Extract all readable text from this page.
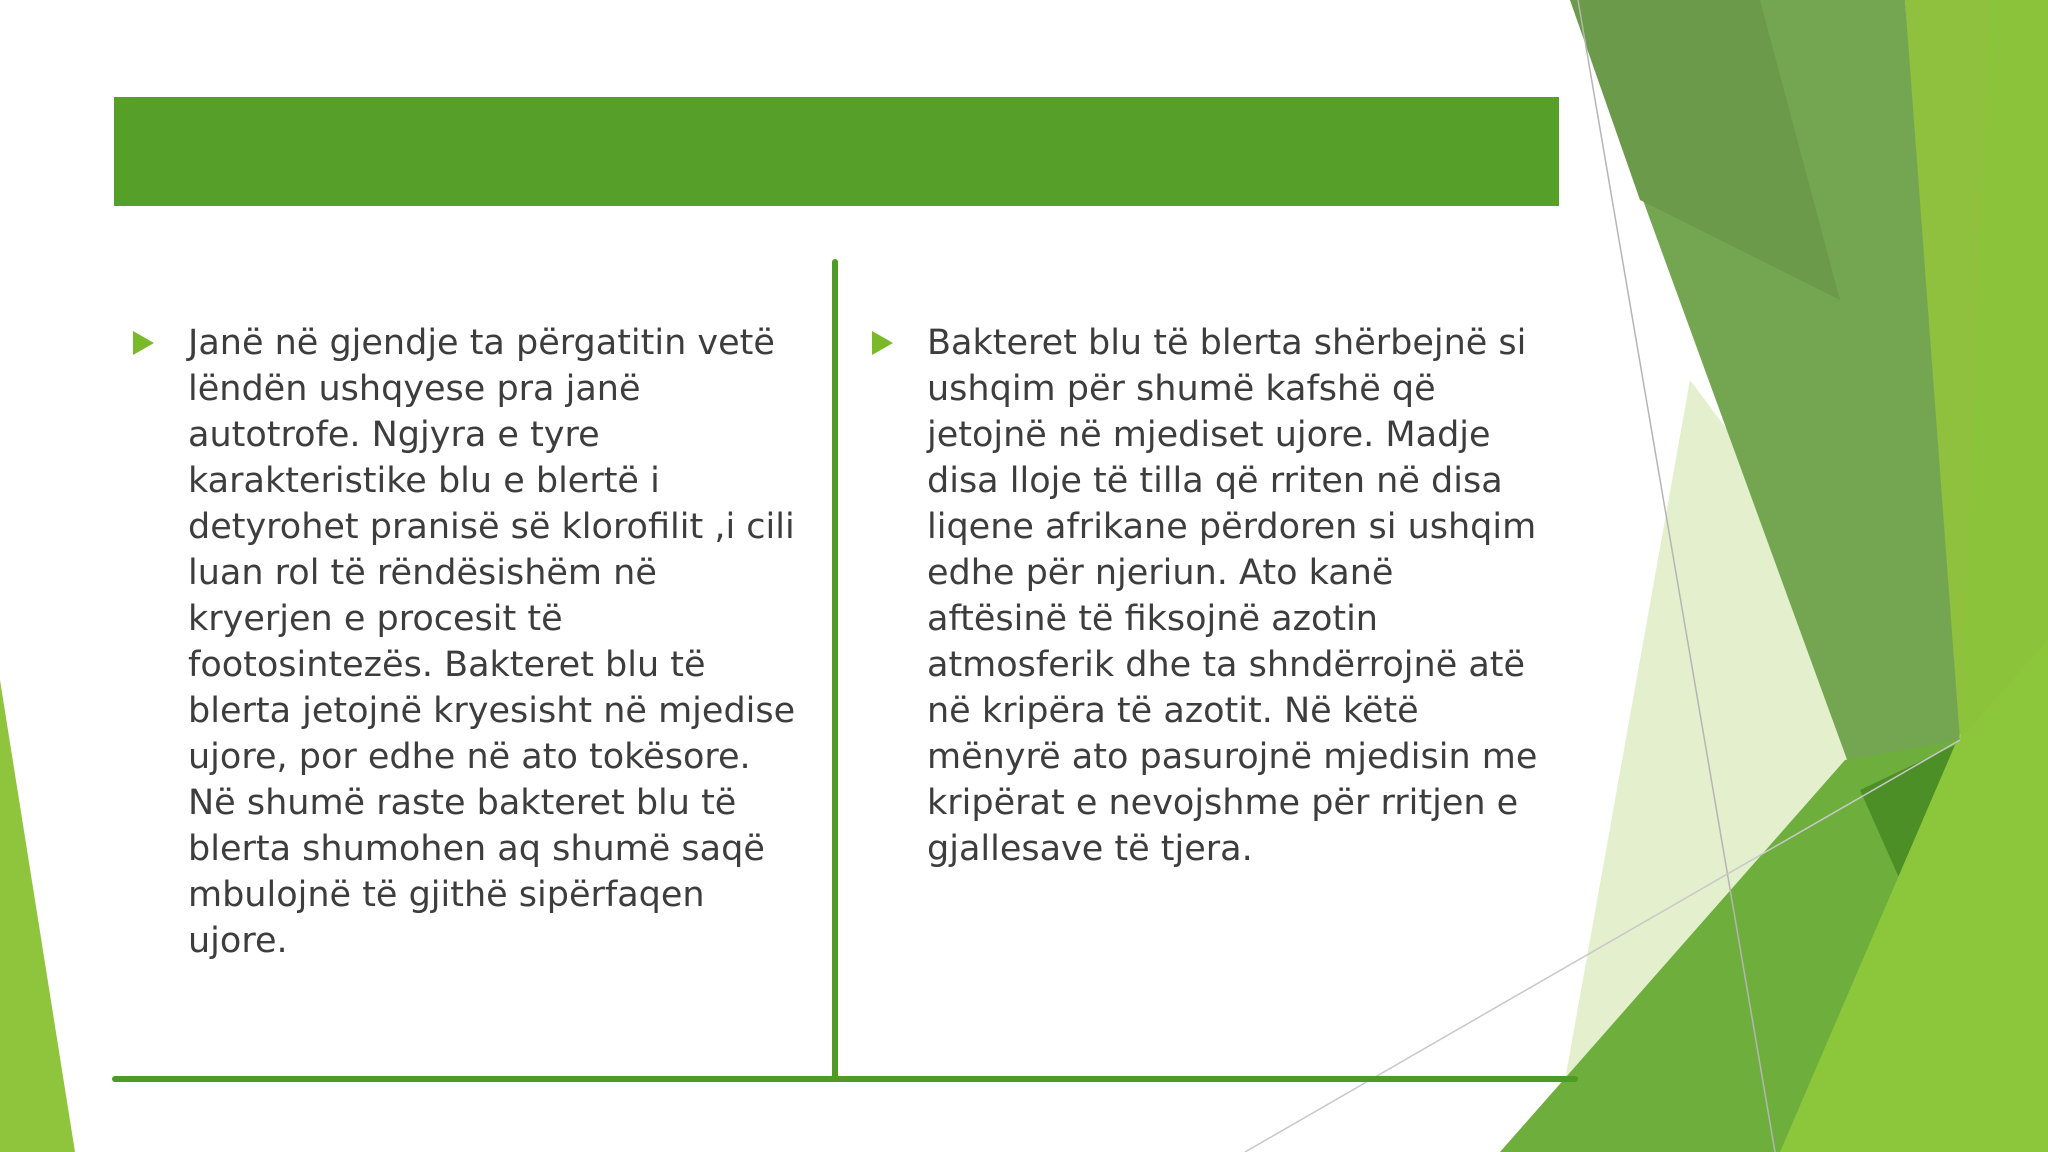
Algat blu të blerta (cianobakteret)
Janë në gjendje ta përgatitin vetë
lëndën ushqyese pra janë
autotrofe. Ngjyra e tyre
karakteristike blu e blertë i
detyrohet pranisë së klorofilit ,i cili
luan rol të rëndësishëm në
kryerjen e procesit të
footosintezës. Bakteret blu të
blerta jetojnë kryesisht në mjedise
ujore, por edhe në ato tokësore.
Në shumë raste bakteret blu të
blerta shumohen aq shumë saqë
mbulojnë të gjithë sipërfaqen
ujore.
Bakteret blu të blerta shërbejnë si
ushqim për shumë kafshë që
jetojnë në mjediset ujore. Madje
disa lloje të tilla që rriten në disa
liqene afrikane përdoren si ushqim
edhe për njeriun. Ato kanë
aftësinë të fiksojnë azotin
atmosferik dhe ta shndërrojnë atë
në kripëra të azotit. Në këtë
mënyrë ato pasurojnë mjedisin me
kripërat e nevojshme për rritjen e
gjallesave të tjera.
